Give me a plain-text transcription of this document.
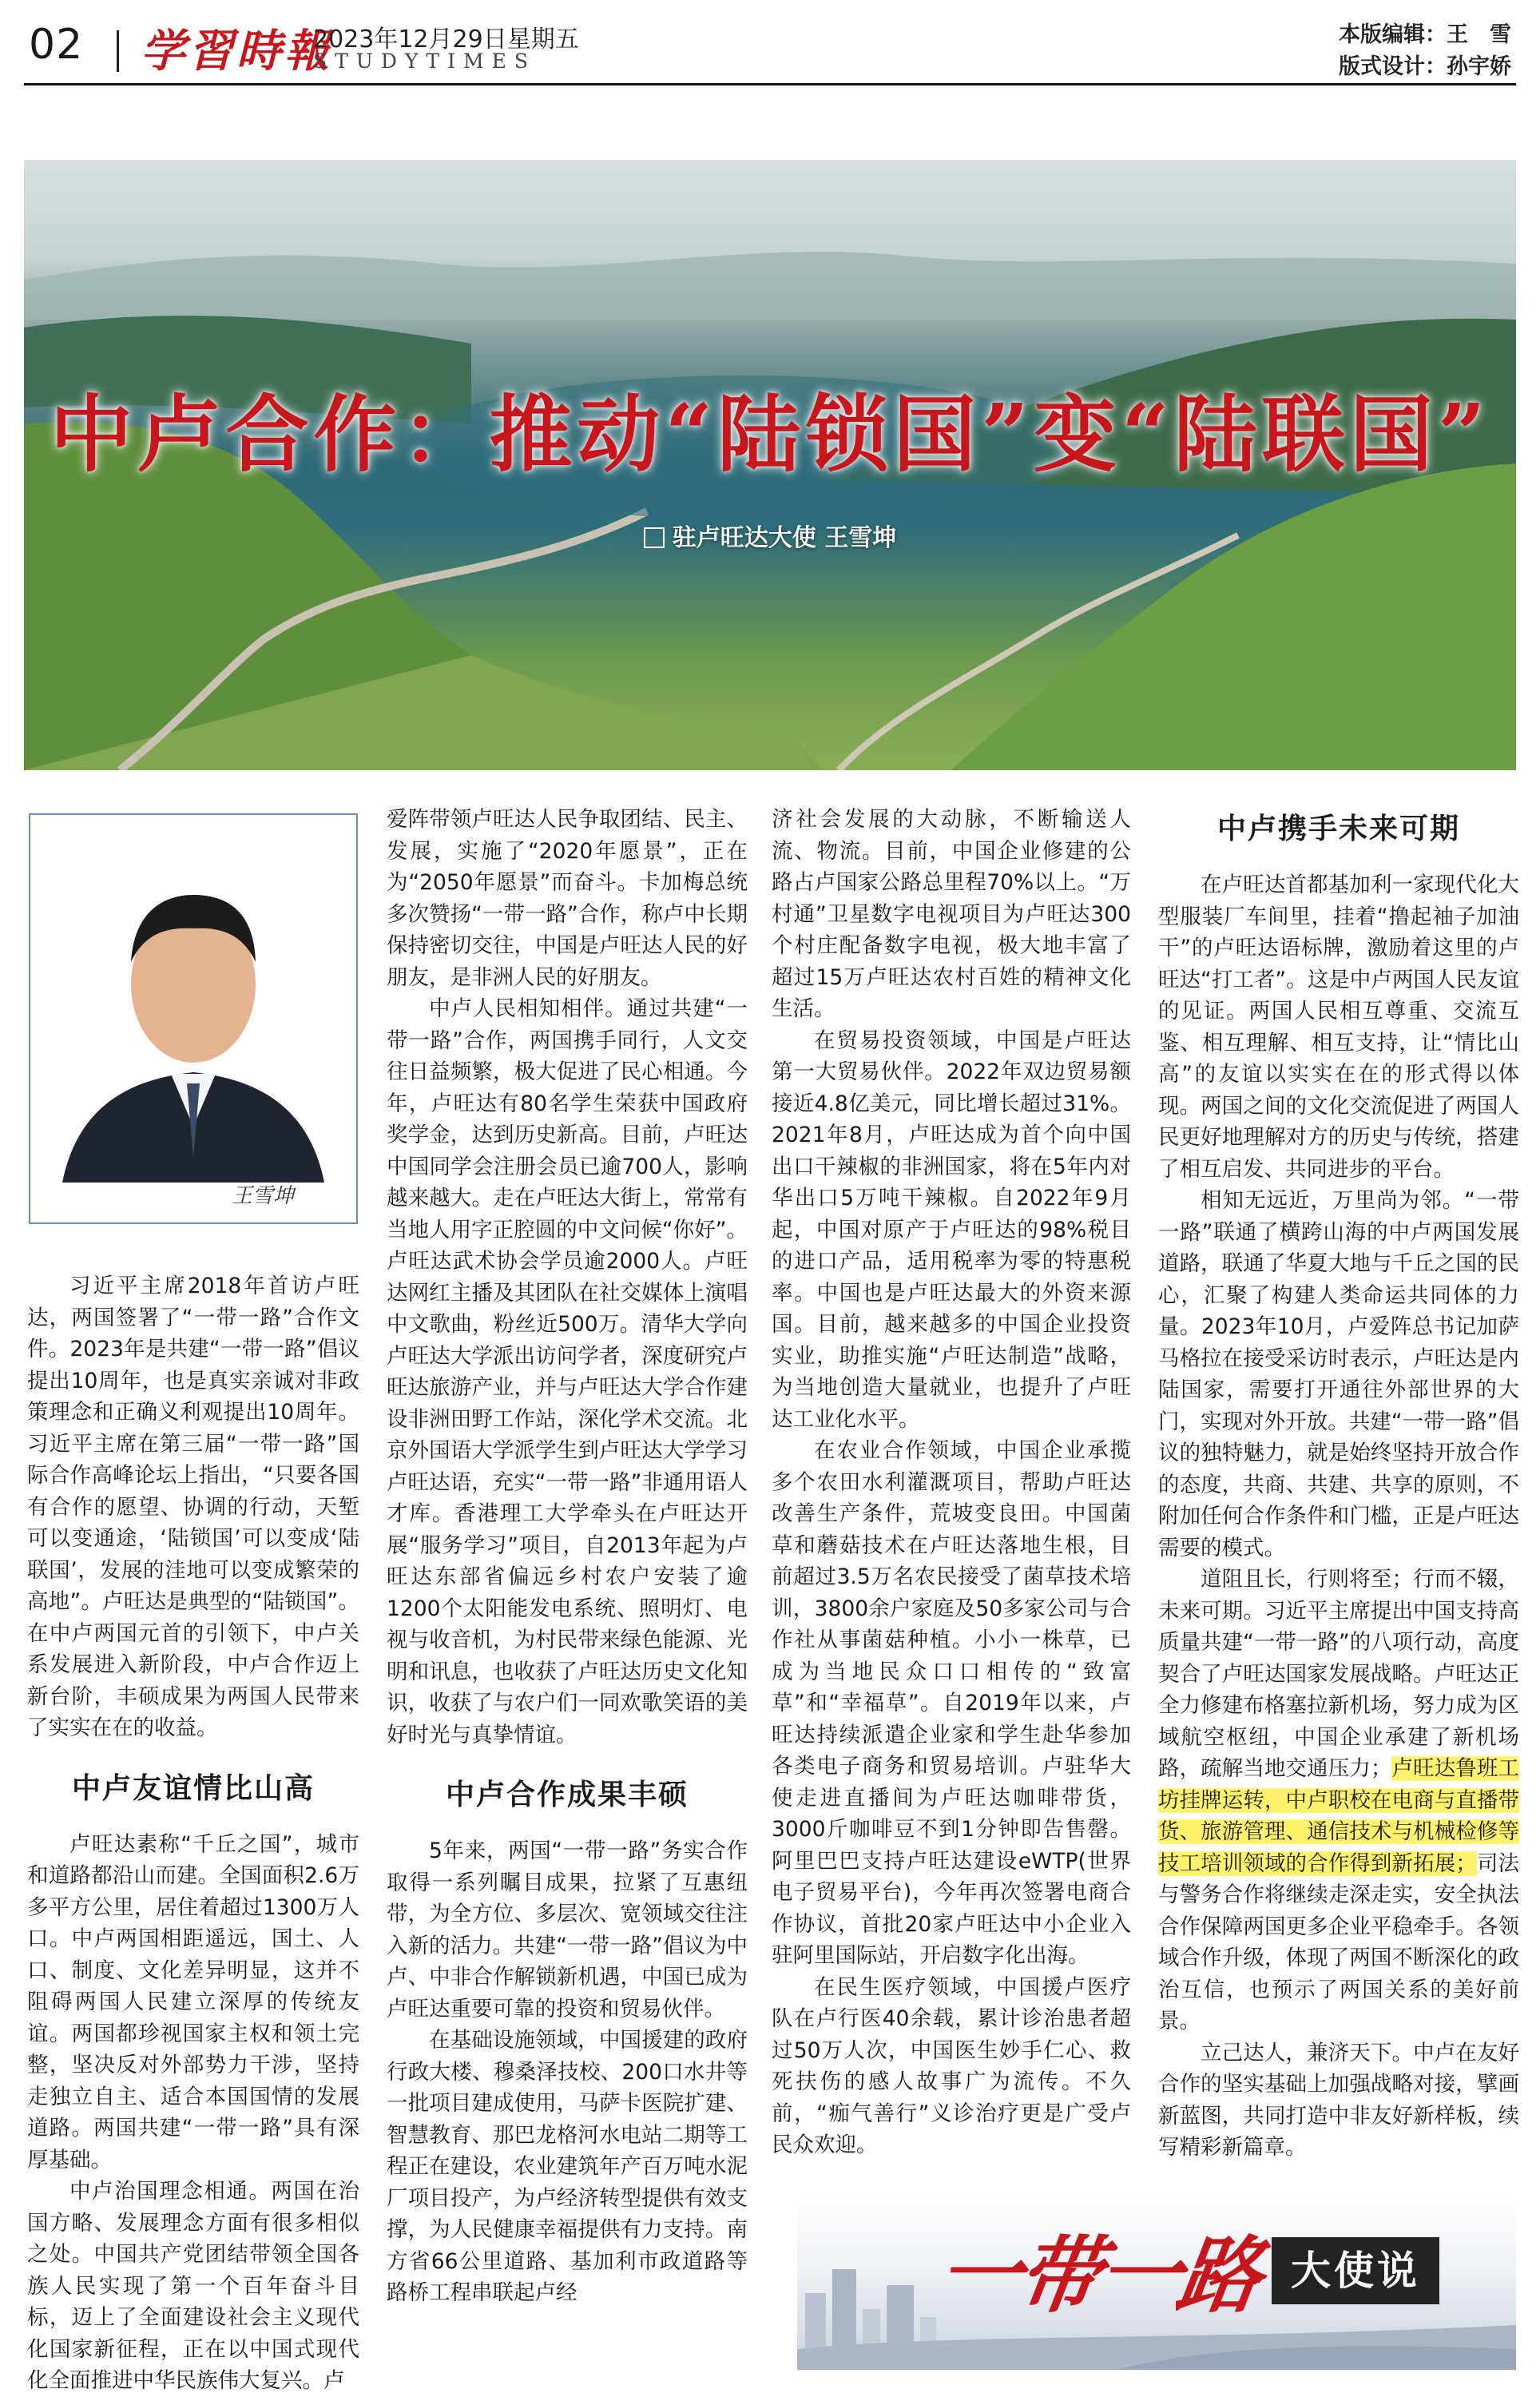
02 学習時報
2023年12月29日星期五
STUDYTIMES
本版编辑：王　雪
版式设计：孙宇娇
中卢合作：推动“陆锁国”变“陆联国”
驻卢旺达大使 王雪坤
王雪坤

习近平主席2018年首访卢旺达，两国签署了“一带一路”合作文件。2023年是共建“一带一路”倡议提出10周年，也是真实亲诚对非政策理念和正确义利观提出10周年。习近平主席在第三届“一带一路”国际合作高峰论坛上指出，“只要各国有合作的愿望、协调的行动，天堑可以变通途，‘陆锁国’可以变成‘陆联国’，发展的洼地可以变成繁荣的高地”。卢旺达是典型的“陆锁国”。在中卢两国元首的引领下，中卢关系发展进入新阶段，中卢合作迈上新台阶，丰硕成果为两国人民带来了实实在在的收益。

中卢友谊情比山高

卢旺达素称“千丘之国”，城市和道路都沿山而建。全国面积2.6万多平方公里，居住着超过1300万人口。中卢两国相距遥远，国土、人口、制度、文化差异明显，这并不阻碍两国人民建立深厚的传统友谊。两国都珍视国家主权和领土完整，坚决反对外部势力干涉，坚持走独立自主、适合本国国情的发展道路。两国共建“一带一路”具有深厚基础。

中卢治国理念相通。两国在治国方略、发展理念方面有很多相似之处。中国共产党团结带领全国各族人民实现了第一个百年奋斗目标，迈上了全面建设社会主义现代化国家新征程，正在以中国式现代化全面推进中华民族伟大复兴。卢

爱阵带领卢旺达人民争取团结、民主、发展，实施了“2020年愿景”，正在为“2050年愿景”而奋斗。卡加梅总统多次赞扬“一带一路”合作，称卢中长期保持密切交往，中国是卢旺达人民的好朋友，是非洲人民的好朋友。

中卢人民相知相伴。通过共建“一带一路”合作，两国携手同行，人文交往日益频繁，极大促进了民心相通。今年，卢旺达有80名学生荣获中国政府奖学金，达到历史新高。目前，卢旺达中国同学会注册会员已逾700人，影响越来越大。走在卢旺达大街上，常常有当地人用字正腔圆的中文问候“你好”。卢旺达武术协会学员逾2000人。卢旺达网红主播及其团队在社交媒体上演唱中文歌曲，粉丝近500万。清华大学向卢旺达大学派出访问学者，深度研究卢旺达旅游产业，并与卢旺达大学合作建设非洲田野工作站，深化学术交流。北京外国语大学派学生到卢旺达大学学习卢旺达语，充实“一带一路”非通用语人才库。香港理工大学牵头在卢旺达开展“服务学习”项目，自2013年起为卢旺达东部省偏远乡村农户安装了逾1200个太阳能发电系统、照明灯、电视与收音机，为村民带来绿色能源、光明和讯息，也收获了卢旺达历史文化知识，收获了与农户们一同欢歌笑语的美好时光与真挚情谊。

中卢合作成果丰硕

5年来，两国“一带一路”务实合作取得一系列瞩目成果，拉紧了互惠纽带，为全方位、多层次、宽领域交往注入新的活力。共建“一带一路”倡议为中卢、中非合作解锁新机遇，中国已成为卢旺达重要可靠的投资和贸易伙伴。

在基础设施领域，中国援建的政府行政大楼、穆桑泽技校、200口水井等一批项目建成使用，马萨卡医院扩建、智慧教育、那巴龙格河水电站二期等工程正在建设，农业建筑年产百万吨水泥厂项目投产，为卢经济转型提供有效支撑，为人民健康幸福提供有力支持。南方省66公里道路、基加利市政道路等路桥工程串联起卢经

济社会发展的大动脉，不断输送人流、物流。目前，中国企业修建的公路占卢国家公路总里程70%以上。“万村通”卫星数字电视项目为卢旺达300个村庄配备数字电视，极大地丰富了超过15万卢旺达农村百姓的精神文化生活。

在贸易投资领域，中国是卢旺达第一大贸易伙伴。2022年双边贸易额接近4.8亿美元，同比增长超过31%。2021年8月，卢旺达成为首个向中国出口干辣椒的非洲国家，将在5年内对华出口5万吨干辣椒。自2022年9月起，中国对原产于卢旺达的98%税目的进口产品，适用税率为零的特惠税率。中国也是卢旺达最大的外资来源国。目前，越来越多的中国企业投资实业，助推实施“卢旺达制造”战略，为当地创造大量就业，也提升了卢旺达工业化水平。

在农业合作领域，中国企业承揽多个农田水利灌溉项目，帮助卢旺达改善生产条件，荒坡变良田。中国菌草和蘑菇技术在卢旺达落地生根，目前超过3.5万名农民接受了菌草技术培训，3800余户家庭及50多家公司与合作社从事菌菇种植。小小一株草，已成为当地民众口口相传的“致富草”和“幸福草”。自2019年以来，卢旺达持续派遣企业家和学生赴华参加各类电子商务和贸易培训。卢驻华大使走进直播间为卢旺达咖啡带货，3000斤咖啡豆不到1分钟即告售罄。阿里巴巴支持卢旺达建设eWTP(世界电子贸易平台)，今年再次签署电商合作协议，首批20家卢旺达中小企业入驻阿里国际站，开启数字化出海。

在民生医疗领域，中国援卢医疗队在卢行医40余载，累计诊治患者超过50万人次，中国医生妙手仁心、救死扶伤的感人故事广为流传。不久前，“痂气善行”义诊治疗更是广受卢民众欢迎。

中卢携手未来可期

在卢旺达首都基加利一家现代化大型服装厂车间里，挂着“撸起袖子加油干”的卢旺达语标牌，激励着这里的卢旺达“打工者”。这是中卢两国人民友谊的见证。两国人民相互尊重、交流互鉴、相互理解、相互支持，让“情比山高”的友谊以实实在在的形式得以体现。两国之间的文化交流促进了两国人民更好地理解对方的历史与传统，搭建了相互启发、共同进步的平台。

相知无远近，万里尚为邻。“一带一路”联通了横跨山海的中卢两国发展道路，联通了华夏大地与千丘之国的民心，汇聚了构建人类命运共同体的力量。2023年10月，卢爱阵总书记加萨马格拉在接受采访时表示，卢旺达是内陆国家，需要打开通往外部世界的大门，实现对外开放。共建“一带一路”倡议的独特魅力，就是始终坚持开放合作的态度，共商、共建、共享的原则，不附加任何合作条件和门槛，正是卢旺达需要的模式。

道阻且长，行则将至；行而不辍，未来可期。习近平主席提出中国支持高质量共建“一带一路”的八项行动，高度契合了卢旺达国家发展战略。卢旺达正全力修建布格塞拉新机场，努力成为区域航空枢纽，中国企业承建了新机场路，疏解当地交通压力；卢旺达鲁班工坊挂牌运转，中卢职校在电商与直播带货、旅游管理、通信技术与机械检修等技工培训领域的合作得到新拓展；司法与警务合作将继续走深走实，安全执法合作保障两国更多企业平稳牵手。各领域合作升级，体现了两国不断深化的政治互信，也预示了两国关系的美好前景。

立己达人，兼济天下。中卢在友好合作的坚实基础上加强战略对接，擘画新蓝图，共同打造中非友好新样板，续写精彩新篇章。

一带一路 大使说
